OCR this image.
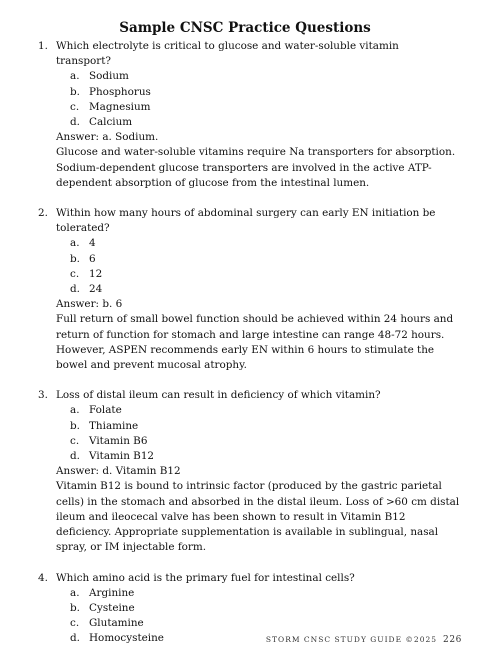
Sample CNSC Practice Questions
1. Which electrolyte is critical to glucose and water-soluble vitamin transport?
a. Sodium
b. Phosphorus
c. Magnesium
d. Calcium
Answer: a. Sodium.
Glucose and water-soluble vitamins require Na transporters for absorption. Sodium-dependent glucose transporters are involved in the active ATP-dependent absorption of glucose from the intestinal lumen.
2. Within how many hours of abdominal surgery can early EN initiation be tolerated?
a. 4
b. 6
c. 12
d. 24
Answer: b. 6
Full return of small bowel function should be achieved within 24 hours and return of function for stomach and large intestine can range 48-72 hours. However, ASPEN recommends early EN within 6 hours to stimulate the bowel and prevent mucosal atrophy.
3. Loss of distal ileum can result in deficiency of which vitamin?
a. Folate
b. Thiamine
c. Vitamin B6
d. Vitamin B12
Answer: d. Vitamin B12
Vitamin B12 is bound to intrinsic factor (produced by the gastric parietal cells) in the stomach and absorbed in the distal ileum. Loss of >60 cm distal ileum and ileocecal valve has been shown to result in Vitamin B12 deficiency. Appropriate supplementation is available in sublingual, nasal spray, or IM injectable form.
4. Which amino acid is the primary fuel for intestinal cells?
a. Arginine
b. Cysteine
c. Glutamine
d. Homocysteine	STORM CNSC STUDY GUIDE ©2025 226
